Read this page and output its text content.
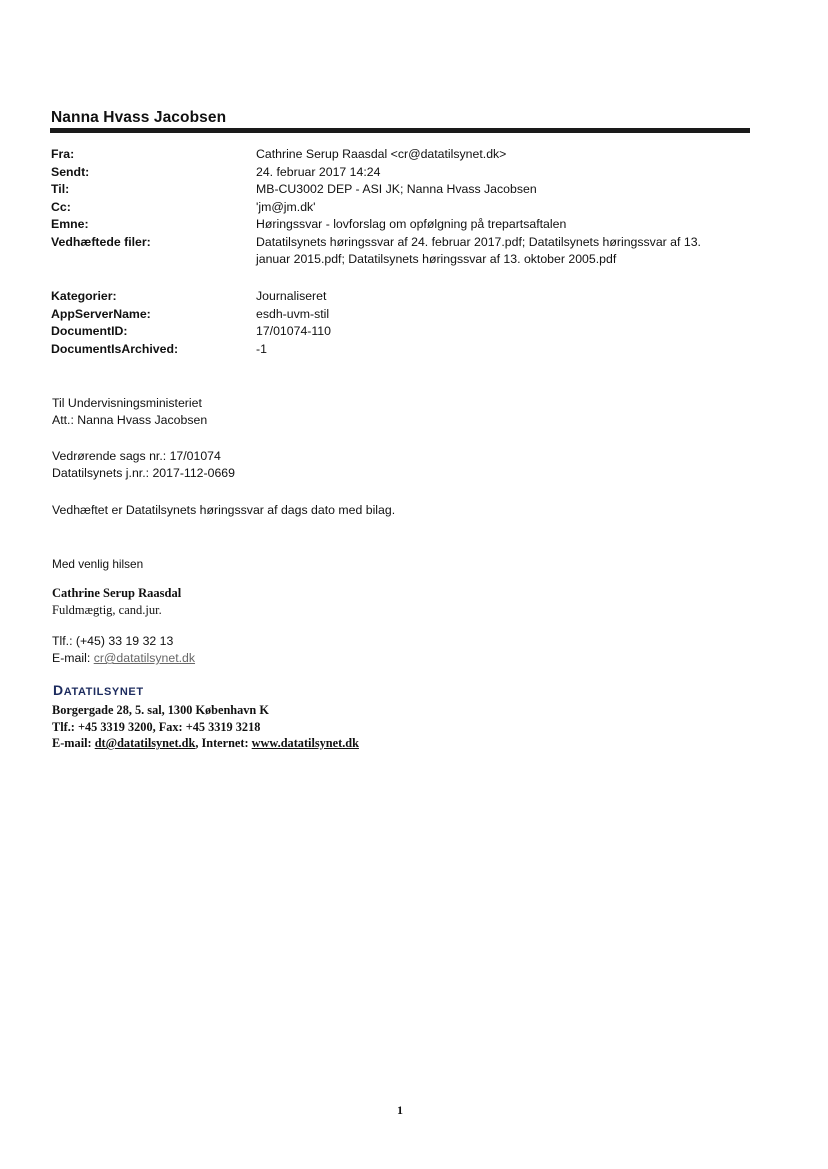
Nanna Hvass Jacobsen
Fra:	Cathrine Serup Raasdal <cr@datatilsynet.dk>
Sendt:	24. februar 2017 14:24
Til:	MB-CU3002 DEP - ASI JK; Nanna Hvass Jacobsen
Cc:	'jm@jm.dk'
Emne:	Høringssvar - lovforslag om opfølgning på trepartsaftalen
Vedhæftede filer:	Datatilsynets høringssvar af 24. februar 2017.pdf; Datatilsynets høringssvar af 13. januar 2015.pdf; Datatilsynets høringssvar af 13. oktober 2005.pdf
Kategorier:	Journaliseret
AppServerName:	esdh-uvm-stil
DocumentID:	17/01074-110
DocumentIsArchived:	-1
Til Undervisningsministeriet
Att.: Nanna Hvass Jacobsen
Vedrørende sags nr.: 17/01074
Datatilsynets j.nr.: 2017-112-0669
Vedhæftet er Datatilsynets høringssvar af dags dato med bilag.
Med venlig hilsen
Cathrine Serup Raasdal
Fuldmægtig, cand.jur.
Tlf.: (+45) 33 19 32 13
E-mail: cr@datatilsynet.dk
DATATILSYNET
Borgergade 28, 5. sal, 1300 København K
Tlf.: +45 3319 3200, Fax: +45 3319 3218
E-mail: dt@datatilsynet.dk, Internet: www.datatilsynet.dk
1
